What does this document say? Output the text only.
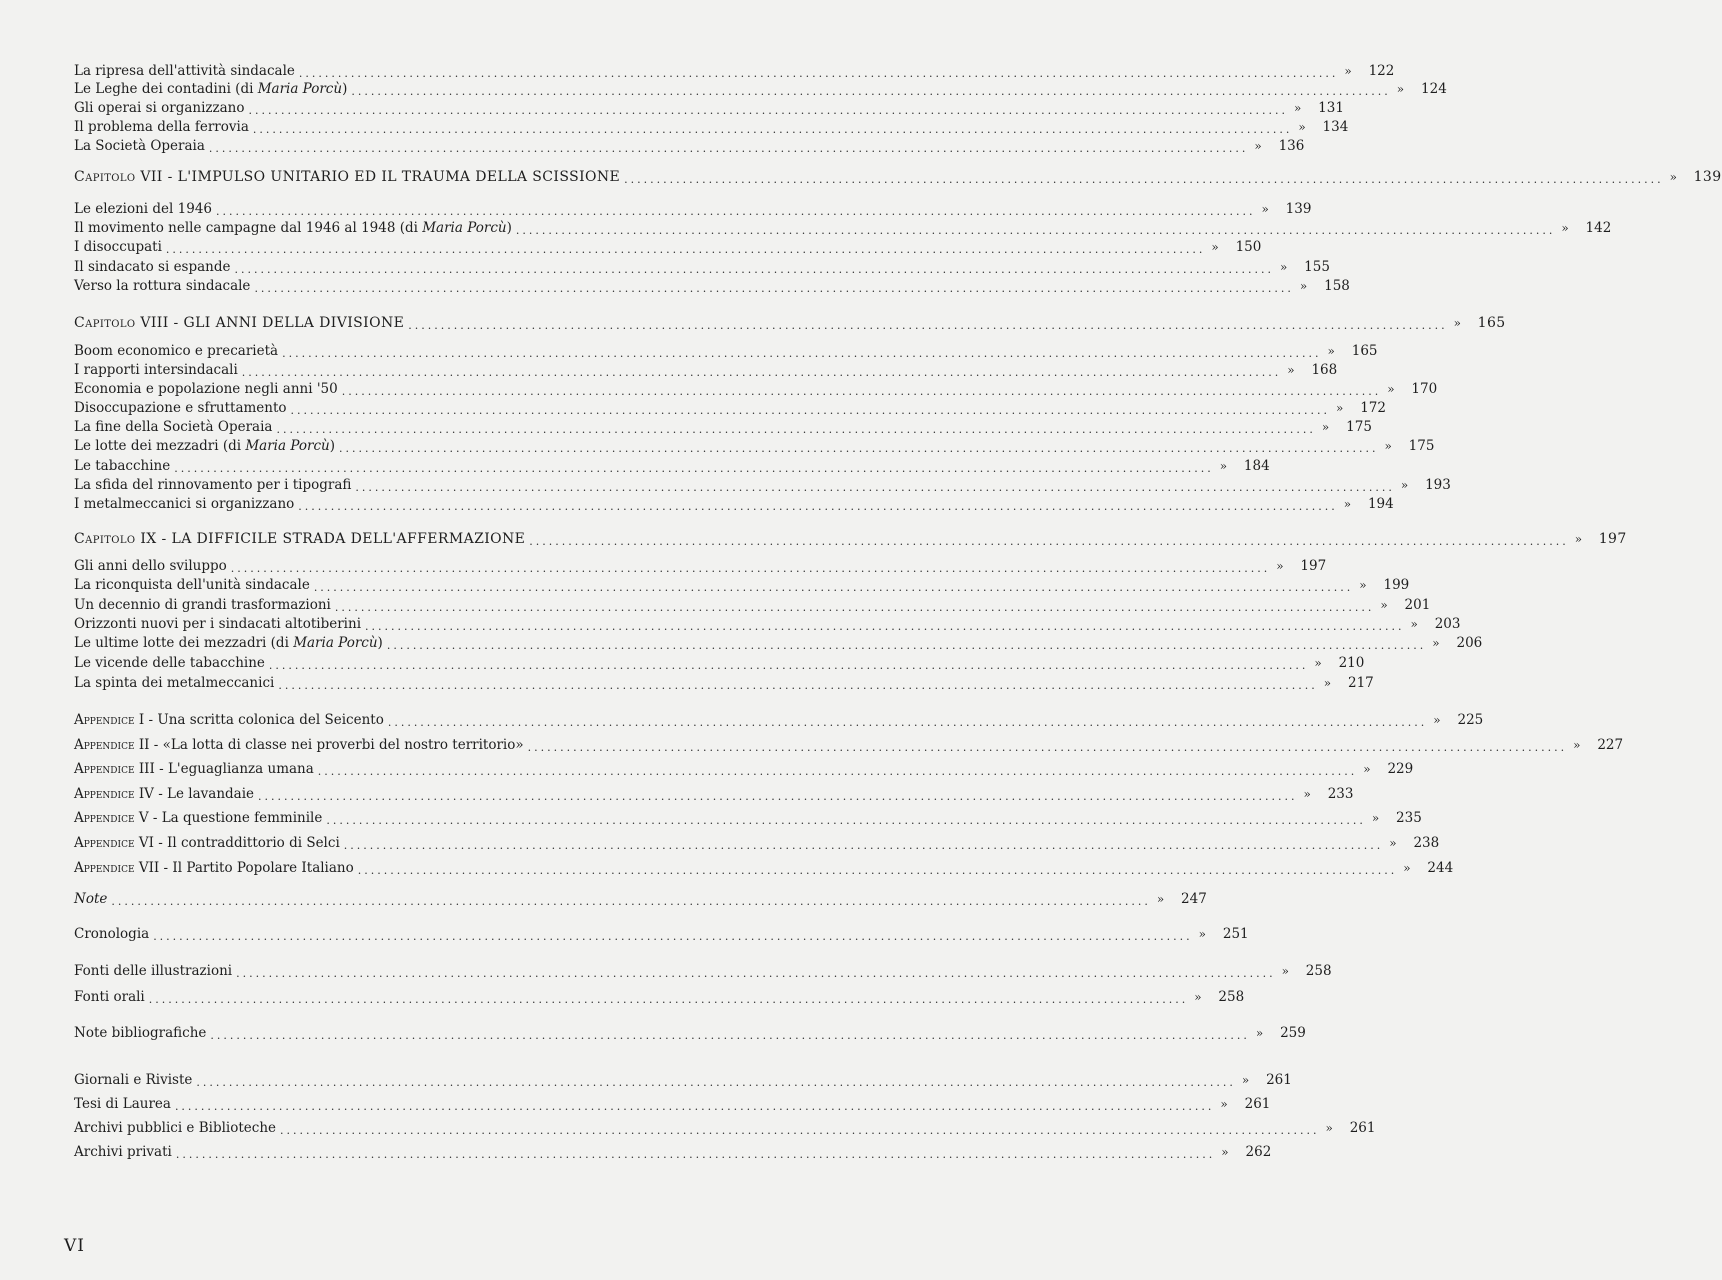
La ripresa dell'attività sindacale ................................................................................................................................................................ »	122
Le Leghe dei contadini (di Maria Porcù) ................................................................................................................................................................ »	124
Gli operai si organizzano ................................................................................................................................................................ »	131
Il problema della ferrovia ................................................................................................................................................................ »	134
La Società Operaia ................................................................................................................................................................ »	136
Capitolo VII - L'IMPULSO UNITARIO ED IL TRAUMA DELLA SCISSIONE ................................................................................................................................................................ »	139
Le elezioni del 1946 ................................................................................................................................................................ »	139
Il movimento nelle campagne dal 1946 al 1948 (di Maria Porcù) ................................................................................................................................................................ »	142
I disoccupati ................................................................................................................................................................ »	150
Il sindacato si espande ................................................................................................................................................................ »	155
Verso la rottura sindacale ................................................................................................................................................................ »	158
Capitolo VIII - GLI ANNI DELLA DIVISIONE ................................................................................................................................................................ »	165
Boom economico e precarietà ................................................................................................................................................................ »	165
I rapporti intersindacali ................................................................................................................................................................ »	168
Economia e popolazione negli anni '50 ................................................................................................................................................................ »	170
Disoccupazione e sfruttamento ................................................................................................................................................................ »	172
La fine della Società Operaia ................................................................................................................................................................ »	175
Le lotte dei mezzadri (di Maria Porcù) ................................................................................................................................................................ »	175
Le tabacchine ................................................................................................................................................................ »	184
La sfida del rinnovamento per i tipografi ................................................................................................................................................................ »	193
I metalmeccanici si organizzano ................................................................................................................................................................ »	194
Capitolo IX - LA DIFFICILE STRADA DELL'AFFERMAZIONE ................................................................................................................................................................ »	197
Gli anni dello sviluppo ................................................................................................................................................................ »	197
La riconquista dell'unità sindacale ................................................................................................................................................................ »	199
Un decennio di grandi trasformazioni ................................................................................................................................................................ »	201
Orizzonti nuovi per i sindacati altotiberini ................................................................................................................................................................ »	203
Le ultime lotte dei mezzadri (di Maria Porcù) ................................................................................................................................................................ »	206
Le vicende delle tabacchine ................................................................................................................................................................ »	210
La spinta dei metalmeccanici ................................................................................................................................................................ »	217
Appendice I - Una scritta colonica del Seicento ................................................................................................................................................................ »	225
Appendice II - «La lotta di classe nei proverbi del nostro territorio» ................................................................................................................................................................ »	227
Appendice III - L'eguaglianza umana ................................................................................................................................................................ »	229
Appendice IV - Le lavandaie ................................................................................................................................................................ »	233
Appendice V - La questione femminile ................................................................................................................................................................ »	235
Appendice VI - Il contraddittorio di Selci ................................................................................................................................................................ »	238
Appendice VII - Il Partito Popolare Italiano ................................................................................................................................................................ »	244
Note ................................................................................................................................................................ »	247
Cronologia ................................................................................................................................................................ »	251
Fonti delle illustrazioni ................................................................................................................................................................ »	258
Fonti orali ................................................................................................................................................................ »	258
Note bibliografiche ................................................................................................................................................................ »	259
Giornali e Riviste ................................................................................................................................................................ »	261
Tesi di Laurea ................................................................................................................................................................ »	261
Archivi pubblici e Biblioteche ................................................................................................................................................................ »	261
Archivi privati ................................................................................................................................................................ »	262
VI
